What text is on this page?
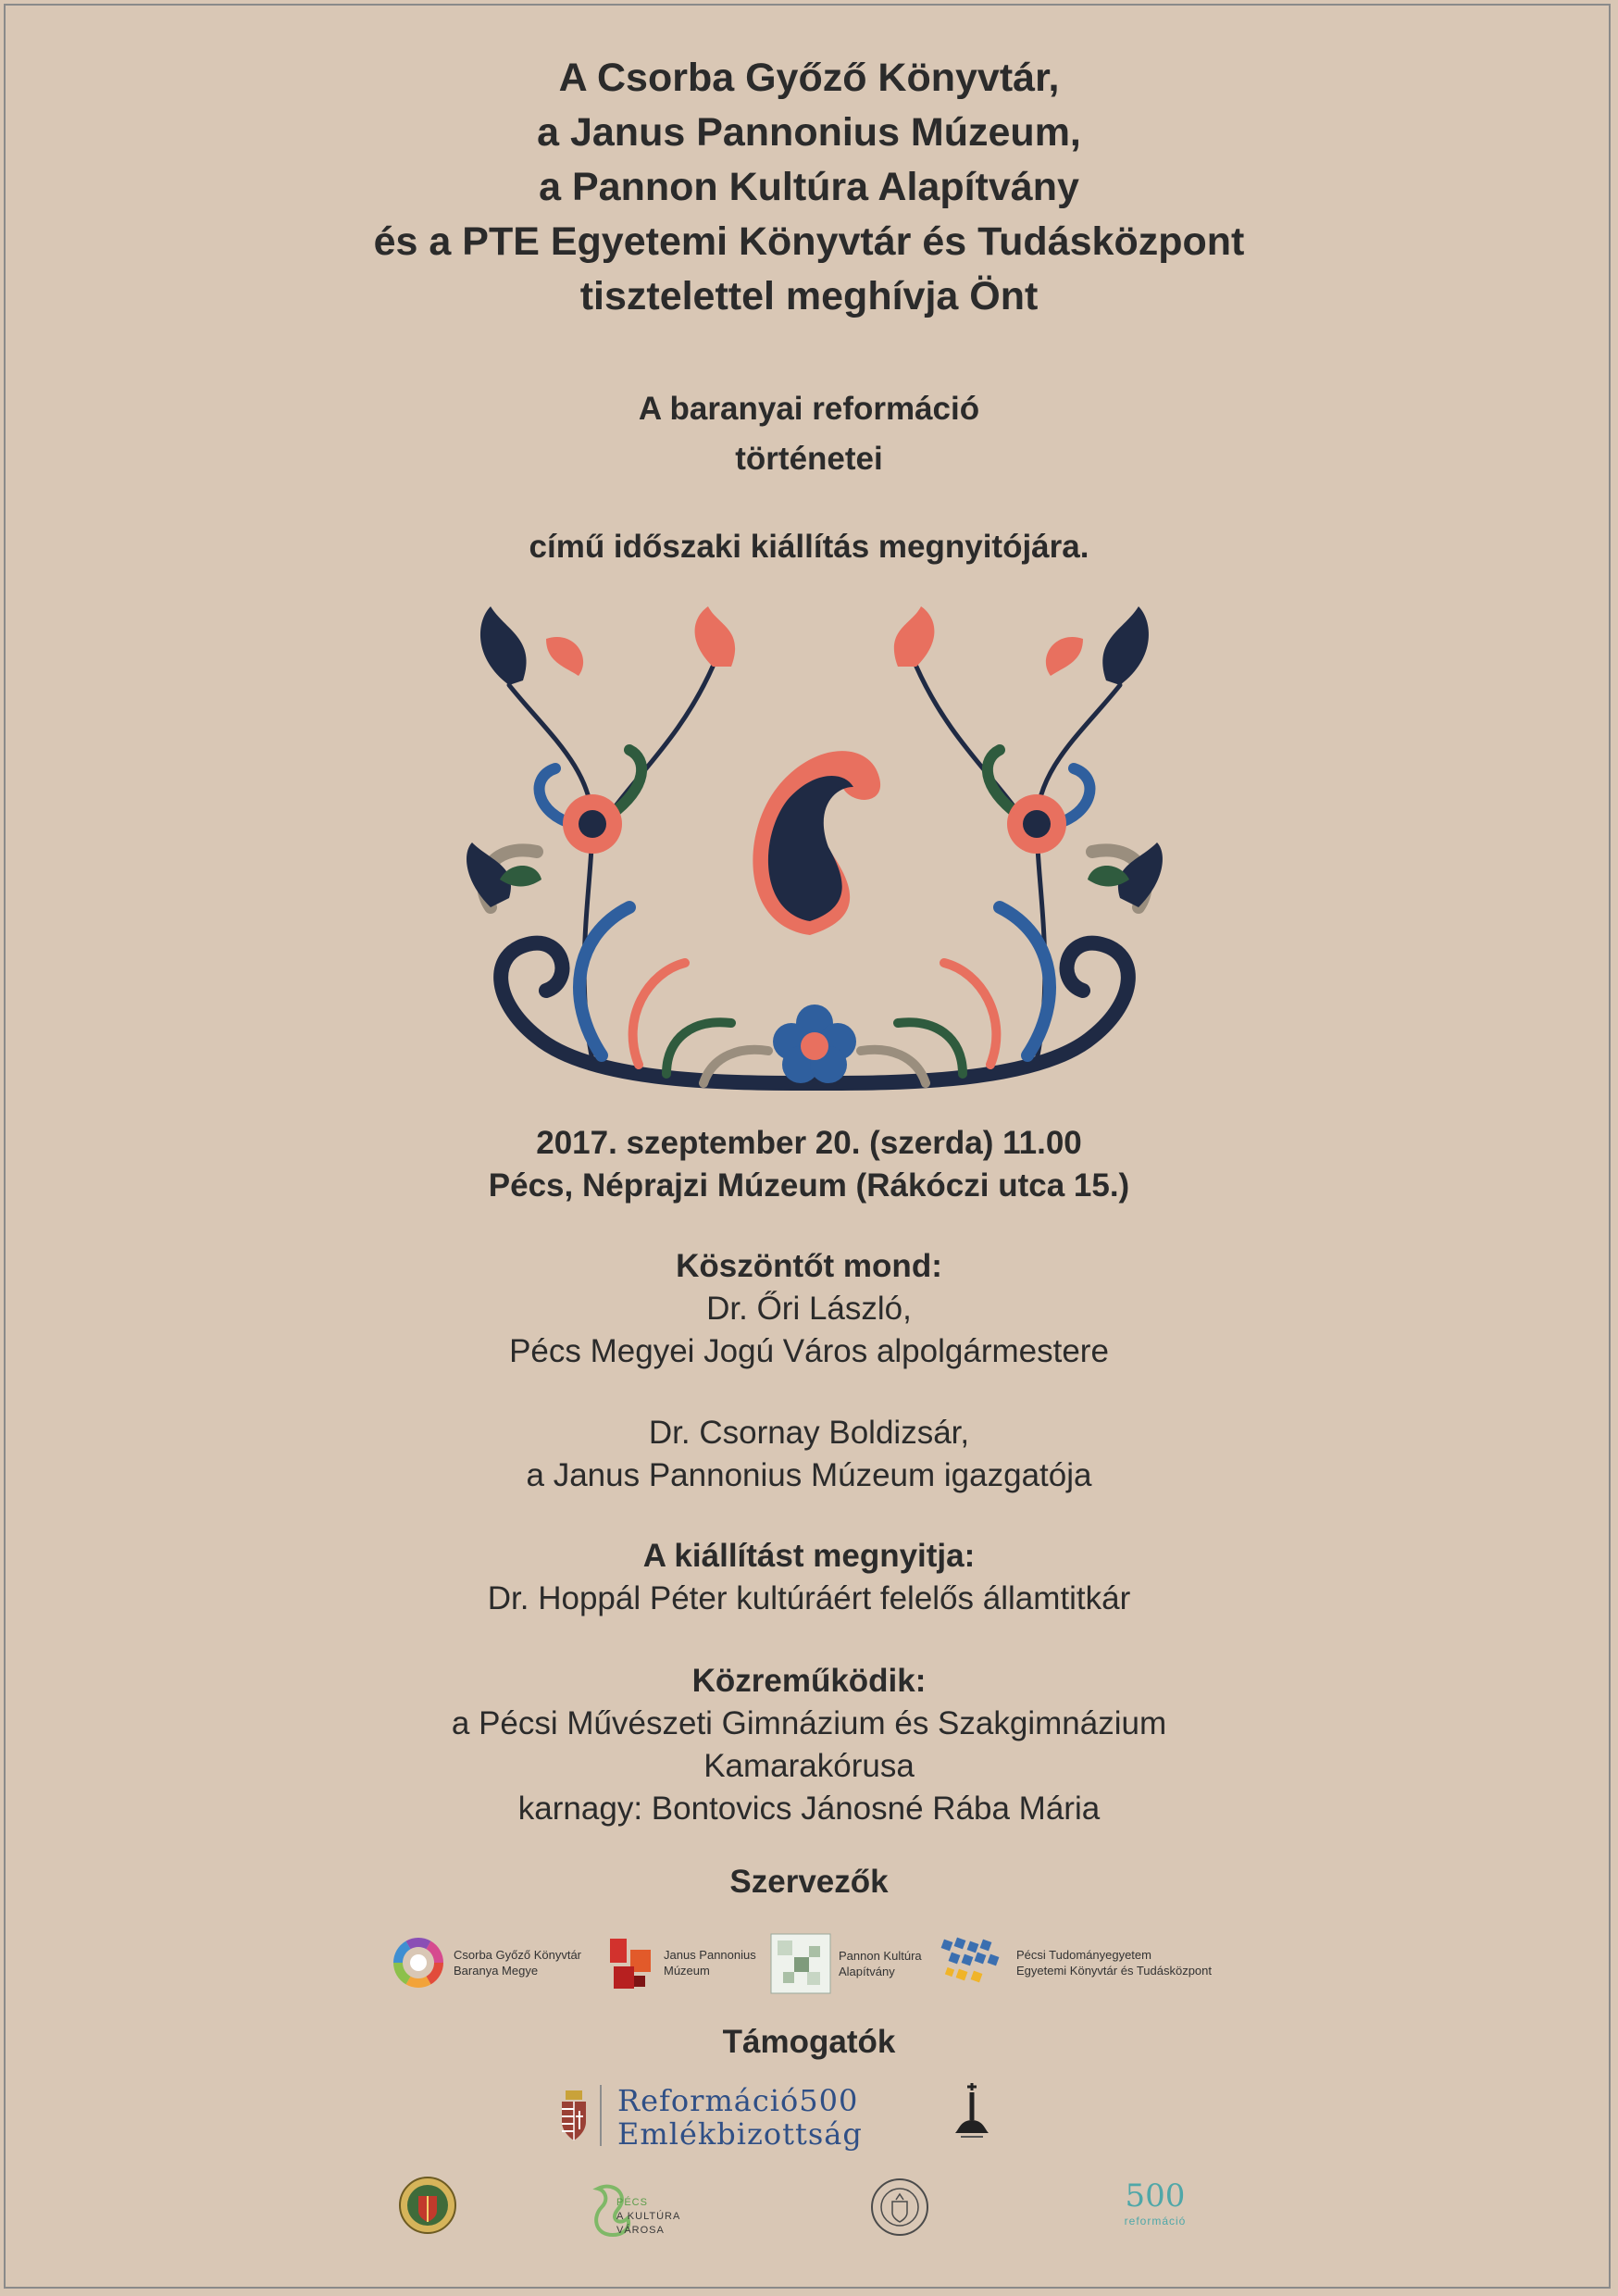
A Csorba Győző Könyvtár,
a Janus Pannonius Múzeum,
a Pannon Kultúra Alapítvány
és a PTE Egyetemi Könyvtár és Tudásközpont
tisztelettel meghívja Önt
A baranyai reformáció
történetei
című időszaki kiállítás megnyitójára.
2017. szeptember 20. (szerda) 11.00
Pécs, Néprajzi Múzeum (Rákóczi utca 15.)
Köszöntőt mond:
Dr. Őri László,
Pécs Megyei Jogú Város alpolgármestere
Dr. Csornay Boldizsár,
a Janus Pannonius Múzeum igazgatója
A kiállítást megnyitja:
Dr. Hoppál Péter kultúráért felelős államtitkár
Közreműködik:
a Pécsi Művészeti Gimnázium és Szakgimnázium
Kamarakórusa
karnagy: Bontovics Jánosné Rába Mária
Szervezők
Csorba Győző Könyvtár
Baranya Megye
Janus Pannonius
Múzeum
Pannon Kultúra
Alapítvány
Pécsi Tudományegyetem
Egyetemi Könyvtár és Tudásközpont
Támogatók
Reformáció500
Emlékbizottság
PÉCS
A KULTÚRA
VÁROSA
500
reformáció
